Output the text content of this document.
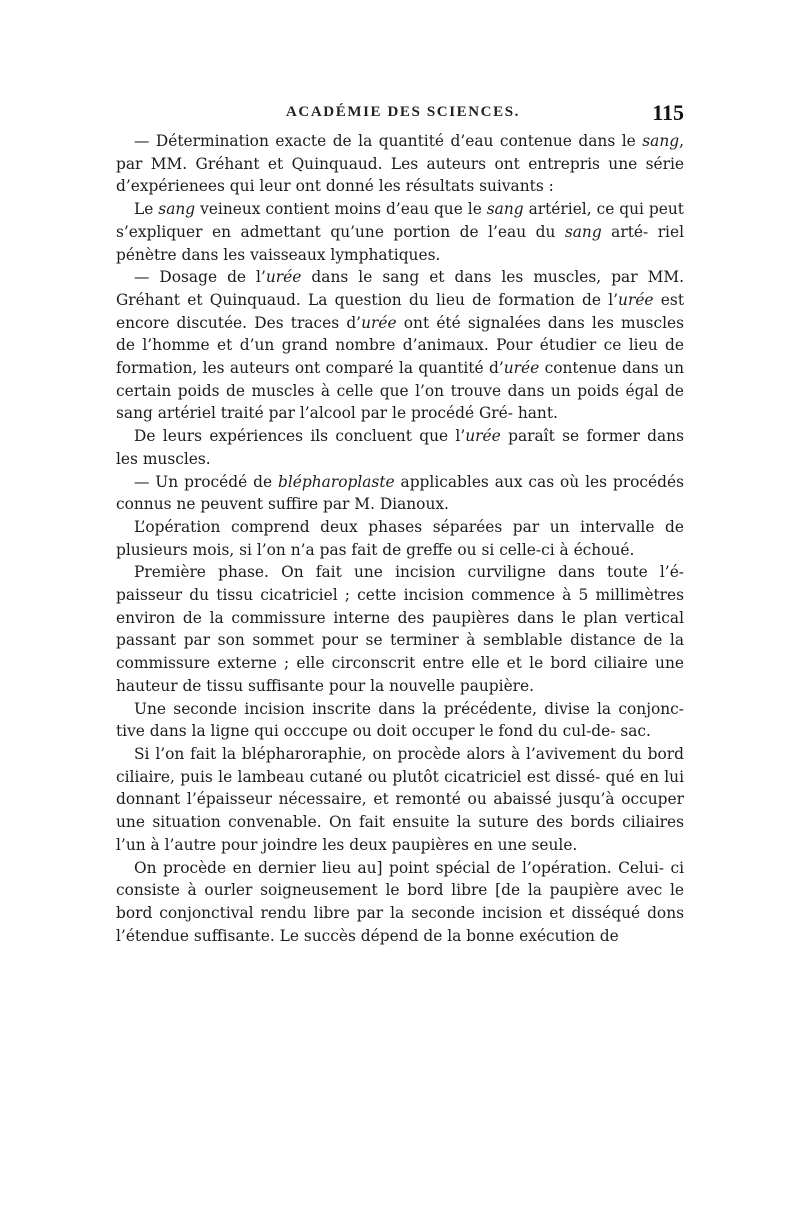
ACADÉMIE DES SCIENCES.	115

— Détermination exacte de la quantité d’eau contenue dans le sang, par MM. Gréhant et Quinquaud. Les auteurs ont entrepris une série d’expérienees qui leur ont donné les résultats suivants :

Le sang veineux contient moins d’eau que le sang artériel, ce qui peut s’expliquer en admettant qu’une portion de l’eau du sang arté- riel pénètre dans les vaisseaux lymphatiques.

— Dosage de l’urée dans le sang et dans les muscles, par MM. Gréhant et Quinquaud. La question du lieu de formation de l’urée est encore discutée. Des traces d’urée ont été signalées dans les muscles de l’homme et d’un grand nombre d’animaux. Pour étudier ce lieu de formation, les auteurs ont comparé la quantité d’urée contenue dans un certain poids de muscles à celle que l’on trouve dans un poids égal de sang artériel traité par l’alcool par le procédé Gré- hant.

De leurs expériences ils concluent que l’urée paraît se former dans les muscles.

— Un procédé de blépharoplaste applicables aux cas où les procédés connus ne peuvent suffire par M. Dianoux.

L’opération comprend deux phases séparées par un intervalle de plusieurs mois, si l’on n’a pas fait de greffe ou si celle-ci à échoué.

Première phase. On fait une incision curviligne dans toute l’é- paisseur du tissu cicatriciel ; cette incision commence à 5 millimètres environ de la commissure interne des paupières dans le plan vertical passant par son sommet pour se terminer à semblable distance de la commissure externe ; elle circonscrit entre elle et le bord ciliaire une hauteur de tissu suffisante pour la nouvelle paupière.

Une seconde incision inscrite dans la précédente, divise la conjonc- tive dans la ligne qui occcupe ou doit occuper le fond du cul-de- sac.

Si l’on fait la blépharoraphie, on procède alors à l’avivement du bord ciliaire, puis le lambeau cutané ou plutôt cicatriciel est dissé- qué en lui donnant l’épaisseur nécessaire, et remonté ou abaissé jusqu’à occuper une situation convenable. On fait ensuite la suture des bords ciliaires l’un à l’autre pour joindre les deux paupières en une seule.

On procède en dernier lieu au] point spécial de l’opération. Celui- ci consiste à ourler soigneusement le bord libre [de la paupière avec le bord conjonctival rendu libre par la seconde incision et disséqué dons l’étendue suffisante. Le succès dépend de la bonne exécution de
